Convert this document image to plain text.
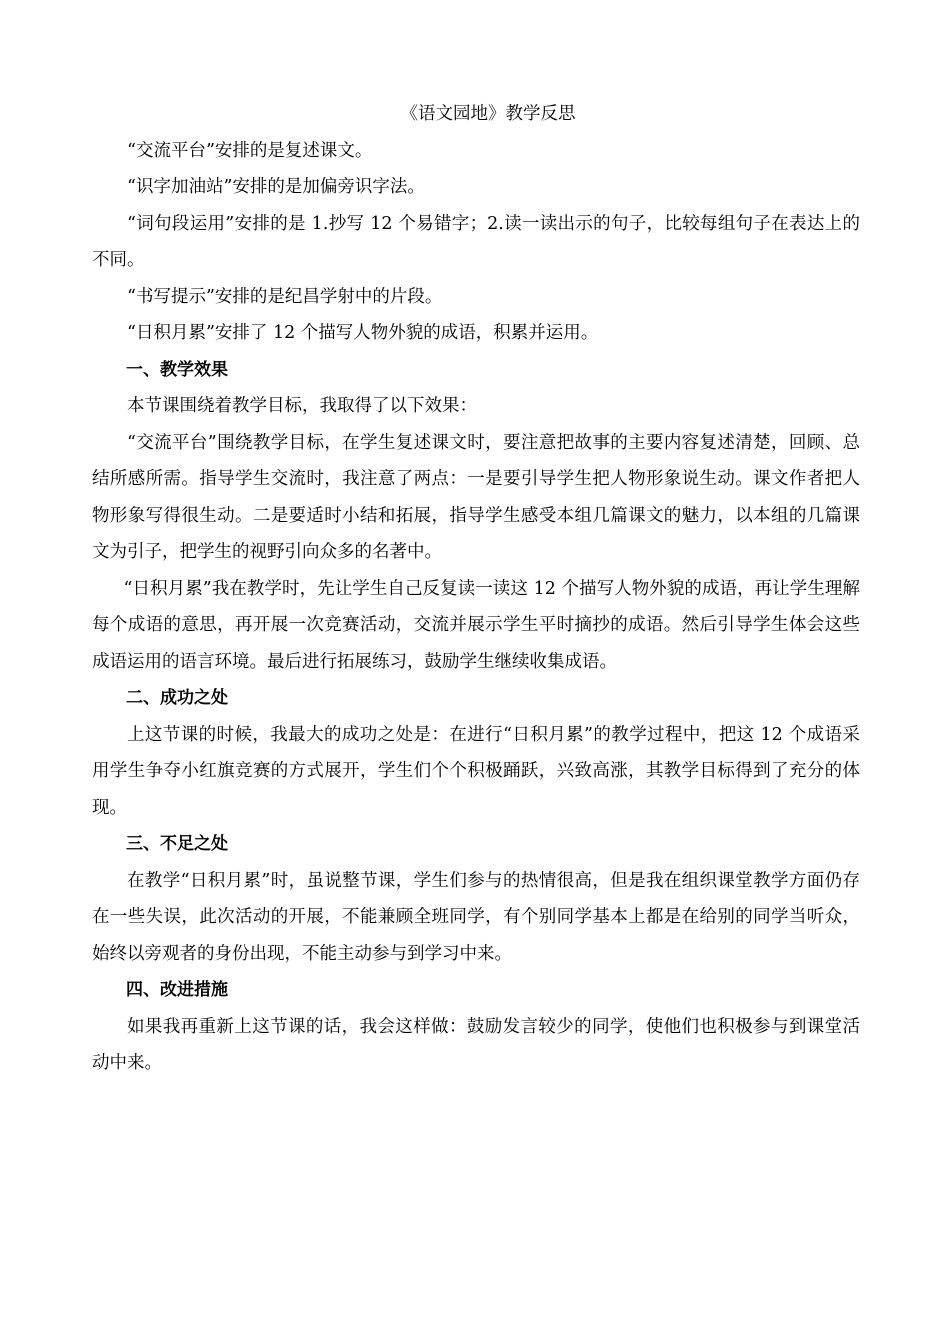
《语文园地》教学反思

“交流平台”安排的是复述课文。

“识字加油站”安排的是加偏旁识字法。

“词句段运用”安排的是 1.抄写 12 个易错字；2.读一读出示的句子，比较每组句子在表达上的不同。

“书写提示”安排的是纪昌学射中的片段。

“日积月累”安排了 12 个描写人物外貌的成语，积累并运用。

一、教学效果

本节课围绕着教学目标，我取得了以下效果：

“交流平台”围绕教学目标，在学生复述课文时，要注意把故事的主要内容复述清楚，回顾、总结所感所需。指导学生交流时，我注意了两点：一是要引导学生把人物形象说生动。课文作者把人物形象写得很生动。二是要适时小结和拓展，指导学生感受本组几篇课文的魅力，以本组的几篇课文为引子，把学生的视野引向众多的名著中。

“日积月累”我在教学时，先让学生自己反复读一读这 12 个描写人物外貌的成语，再让学生理解每个成语的意思，再开展一次竞赛活动，交流并展示学生平时摘抄的成语。然后引导学生体会这些成语运用的语言环境。最后进行拓展练习，鼓励学生继续收集成语。

二、成功之处

上这节课的时候，我最大的成功之处是：在进行“日积月累”的教学过程中，把这 12 个成语采用学生争夺小红旗竞赛的方式展开，学生们个个积极踊跃，兴致高涨，其教学目标得到了充分的体现。

三、不足之处

在教学“日积月累”时，虽说整节课，学生们参与的热情很高，但是我在组织课堂教学方面仍存在一些失误，此次活动的开展，不能兼顾全班同学，有个别同学基本上都是在给别的同学当听众，始终以旁观者的身份出现，不能主动参与到学习中来。

四、改进措施

如果我再重新上这节课的话，我会这样做：鼓励发言较少的同学，使他们也积极参与到课堂活动中来。
